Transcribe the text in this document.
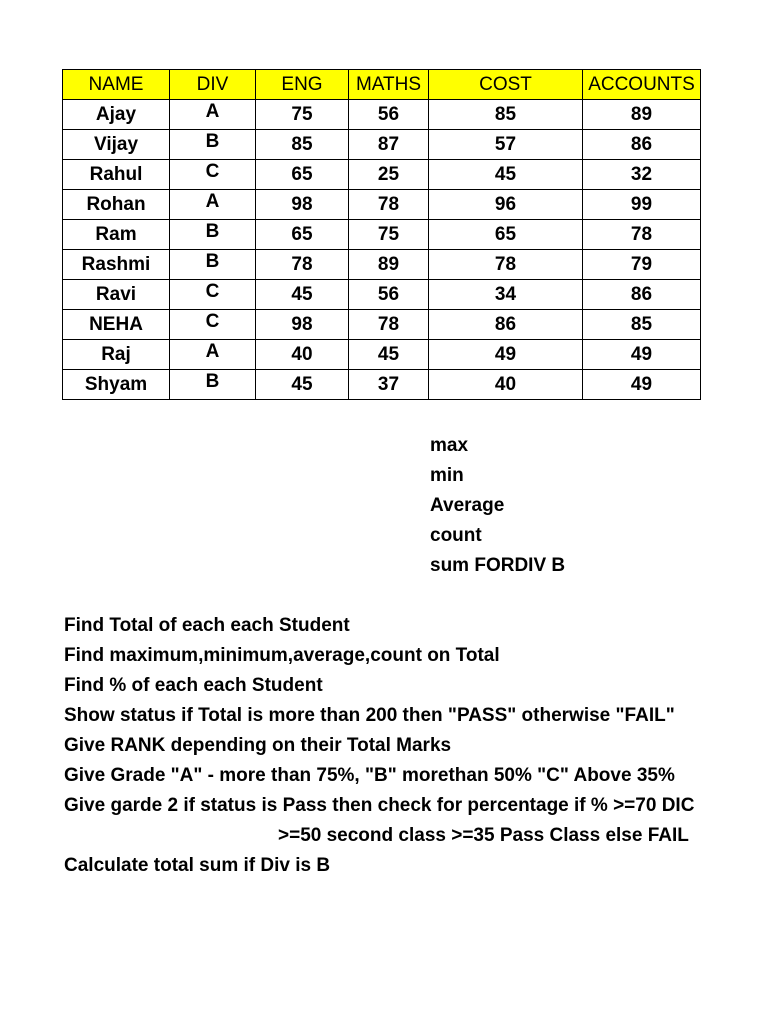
NAME	DIV	ENG	MATHS	COST	ACCOUNTS
Ajay	A	75	56	85	89
Vijay	B	85	87	57	86
Rahul	C	65	25	45	32
Rohan	A	98	78	96	99
Ram	B	65	75	65	78
Rashmi	B	78	89	78	79
Ravi	C	45	56	34	86
NEHA	C	98	78	86	85
Raj	A	40	45	49	49
Shyam	B	45	37	40	49
max
min
Average
count
sum FORDIV B
Find Total of each each Student
Find maximum,minimum,average,count on Total
Find % of each each Student
Show status if Total is more than 200 then "PASS" otherwise "FAIL"
Give RANK depending on their Total Marks
Give Grade "A" - more than 75%, "B" morethan 50% "C" Above 35%
Give garde 2 if status is Pass then check for percentage if % >=70 DIC
>=50 second class >=35 Pass Class else FAIL
Calculate total sum if Div is B
